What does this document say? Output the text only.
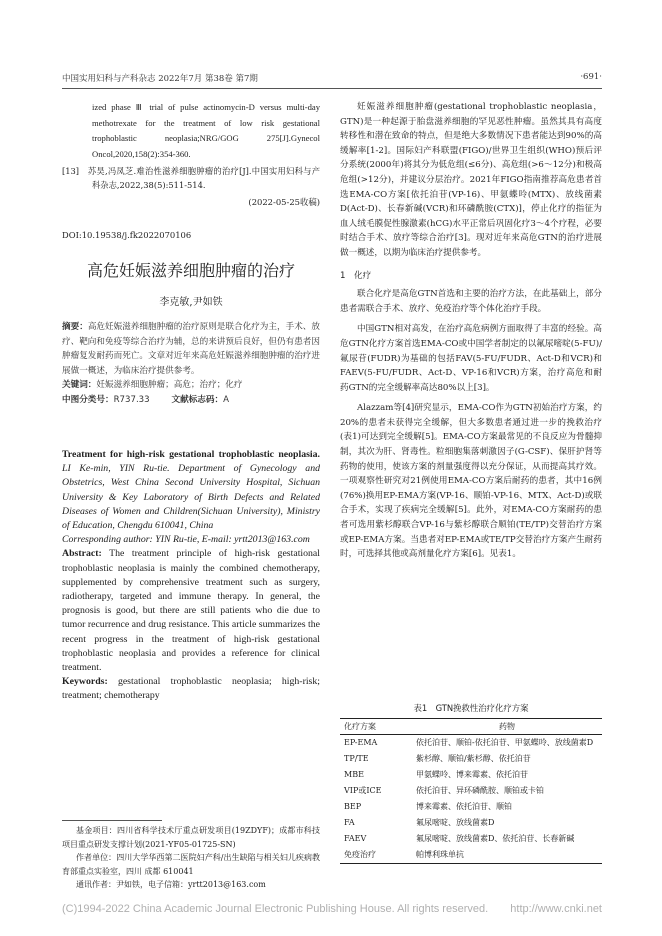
中国实用妇科与产科杂志 2022年7月 第38卷 第7期	·691·

ized phase Ⅲ trial of pulse actinomycin-D versus multi-day methotrexate for the treatment of low risk gestational trophoblastic neoplasia;NRG/GOG 275[J].Gynecol Oncol,2020,158(2):354-360.

[13]　苏昊,冯凤芝.难治性滋养细胞肿瘤的治疗[J].中国实用妇科与产科杂志,2022,38(5):511-514.

(2022-05-25收稿)
DOI:10.19538/j.fk2022070106
高危妊娠滋养细胞肿瘤的治疗
李克敏,尹如铁

摘要：高危妊娠滋养细胞肿瘤的治疗原则是联合化疗为主，手术、放疗、靶向和免疫等综合治疗为辅，总的来讲预后良好，但仍有患者因肿瘤复发耐药而死亡。文章对近年来高危妊娠滋养细胞肿瘤的治疗进展做一概述，为临床治疗提供参考。

关键词：妊娠滋养细胞肿瘤；高危；治疗；化疗

中图分类号：R737.33	文献标志码：A

Treatment for high-risk gestational trophoblastic neoplasia. LI Ke-min, YIN Ru-tie. Department of Gynecology and Obstetrics, West China Second University Hospital, Sichuan University & Key Laboratory of Birth Defects and Related Diseases of Women and Children(Sichuan University), Ministry of Education, Chengdu 610041, China

Corresponding author: YIN Ru-tie, E-mail: yrtt2013@163.com

Abstract: The treatment principle of high-risk gestational trophoblastic neoplasia is mainly the combined chemotherapy, supplemented by comprehensive treatment such as surgery, radiotherapy, targeted and immune therapy. In general, the prognosis is good, but there are still patients who die due to tumor recurrence and drug resistance. This article summarizes the recent progress in the treatment of high-risk gestational trophoblastic neoplasia and provides a reference for clinical treatment.

Keywords: gestational trophoblastic neoplasia; high-risk; treatment; chemotherapy

基金项目：四川省科学技术厅重点研发项目(19ZDYF)；成都市科技项目重点研发支撑计划(2021-YF05-01725-SN)

作者单位：四川大学华西第二医院妇产科/出生缺陷与相关妇儿疾病教育部重点实验室，四川 成都 610041

通讯作者：尹如铁，电子信箱：yrtt2013@163.com

妊娠滋养细胞肿瘤(gestational trophoblastic neoplasia，GTN)是一种起源于胎盘滋养细胞的罕见恶性肿瘤。虽然其具有高度转移性和潜在致命的特点，但是绝大多数情况下患者能达到90%的高缓解率[1-2]。国际妇产科联盟(FIGO)/世界卫生组织(WHO)预后评分系统(2000年)将其分为低危组(≤6分)、高危组(>6～12分)和极高危组(>12分)，并建议分层治疗。2021年FIGO指南推荐高危患者首选EMA-CO方案[依托泊苷(VP-16)、甲氨蝶呤(MTX)、放线菌素D(Act-D)、长春新碱(VCR)和环磷酰胺(CTX)]，停止化疗的指征为血人绒毛膜促性腺激素(hCG)水平正常后巩固化疗3～4个疗程，必要时结合手术、放疗等综合治疗[3]。现对近年来高危GTN的治疗进展做一概述，以期为临床治疗提供参考。

1　化疗

联合化疗是高危GTN首选和主要的治疗方法，在此基础上，部分患者需联合手术、放疗、免疫治疗等个体化治疗手段。

中国GTN相对高发，在治疗高危病例方面取得了丰富的经验。高危GTN化疗方案首选EMA-CO或中国学者制定的以氟尿嘧啶(5-FU)/氟尿苷(FUDR)为基础的包括FAV(5-FU/FUDR、Act-D和VCR)和FAEV(5-FU/FUDR、Act-D、VP-16和VCR)方案，治疗高危和耐药GTN的完全缓解率高达80%以上[3]。

Alazzam等[4]研究显示，EMA-CO作为GTN初始治疗方案，约20%的患者未获得完全缓解，但大多数患者通过进一步的挽救治疗(表1)可达到完全缓解[5]。EMA-CO方案最常见的不良反应为骨髓抑制，其次为肝、肾毒性。粒细胞集落刺激因子(G-CSF)、保肝护肾等药物的使用，使该方案的剂量强度得以充分保证，从而提高其疗效。一项观察性研究对21例使用EMA-CO方案后耐药的患者，其中16例(76%)换用EP-EMA方案(VP-16、顺铂-VP-16、MTX、Act-D)或联合手术，实现了疾病完全缓解[5]。此外，对EMA-CO方案耐药的患者可选用紫杉醇联合VP-16与紫杉醇联合顺铂(TE/TP)交替治疗方案或EP-EMA方案。当患者对EP-EMA或TE/TP交替治疗方案产生耐药时，可选择其他或高剂量化疗方案[6]。见表1。

表1　GTN挽救性治疗化疗方案
化疗方案	药物
EP-EMA	依托泊苷、顺铂-依托泊苷、甲氨蝶呤、放线菌素D
TP/TE	紫杉醇、顺铂/紫杉醇、依托泊苷
MBE	甲氨蝶呤、博来霉素、依托泊苷
VIP或ICE	依托泊苷、异环磷酰胺、顺铂或卡铂
BEP	博来霉素、依托泊苷、顺铂
FA	氟尿嘧啶、放线菌素D
FAEV	氟尿嘧啶、放线菌素D、依托泊苷、长春新碱
免疫治疗	帕博利珠单抗
(C)1994-2022 China Academic Journal Electronic Publishing House. All rights reserved. http://www.cnki.net
